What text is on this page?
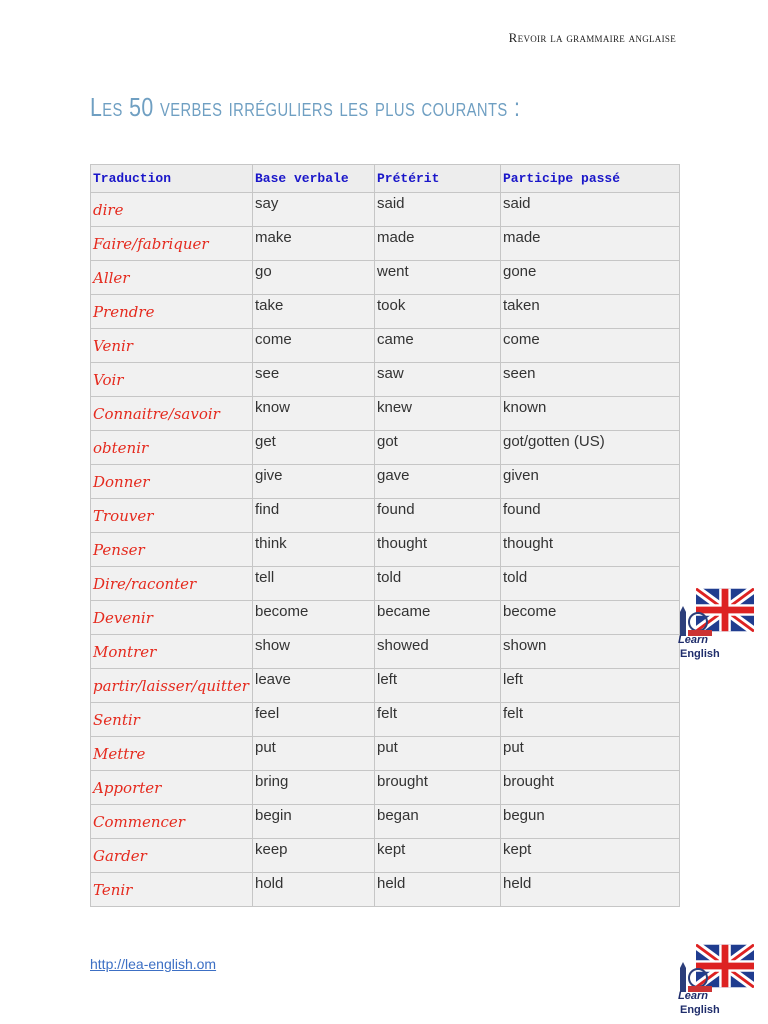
Revoir la grammaire anglaise
Les 50 verbes irréguliers les plus courants :
Traduction	Base verbale	Prétérit	Participe passé
dire	say	said	said
Faire/fabriquer	make	made	made
Aller	go	went	gone
Prendre	take	took	taken
Venir	come	came	come
Voir	see	saw	seen
Connaitre/savoir	know	knew	known
obtenir	get	got	got/gotten (US)
Donner	give	gave	given
Trouver	find	found	found
Penser	think	thought	thought
Dire/raconter	tell	told	told
Devenir	become	became	become
Montrer	show	showed	shown
partir/laisser/quitter	leave	left	left
Sentir	feel	felt	felt
Mettre	put	put	put
Apporter	bring	brought	brought
Commencer	begin	began	begun
Garder	keep	kept	kept
Tenir	hold	held	held
http://lea-english.om
Learn
English
Learn
English
